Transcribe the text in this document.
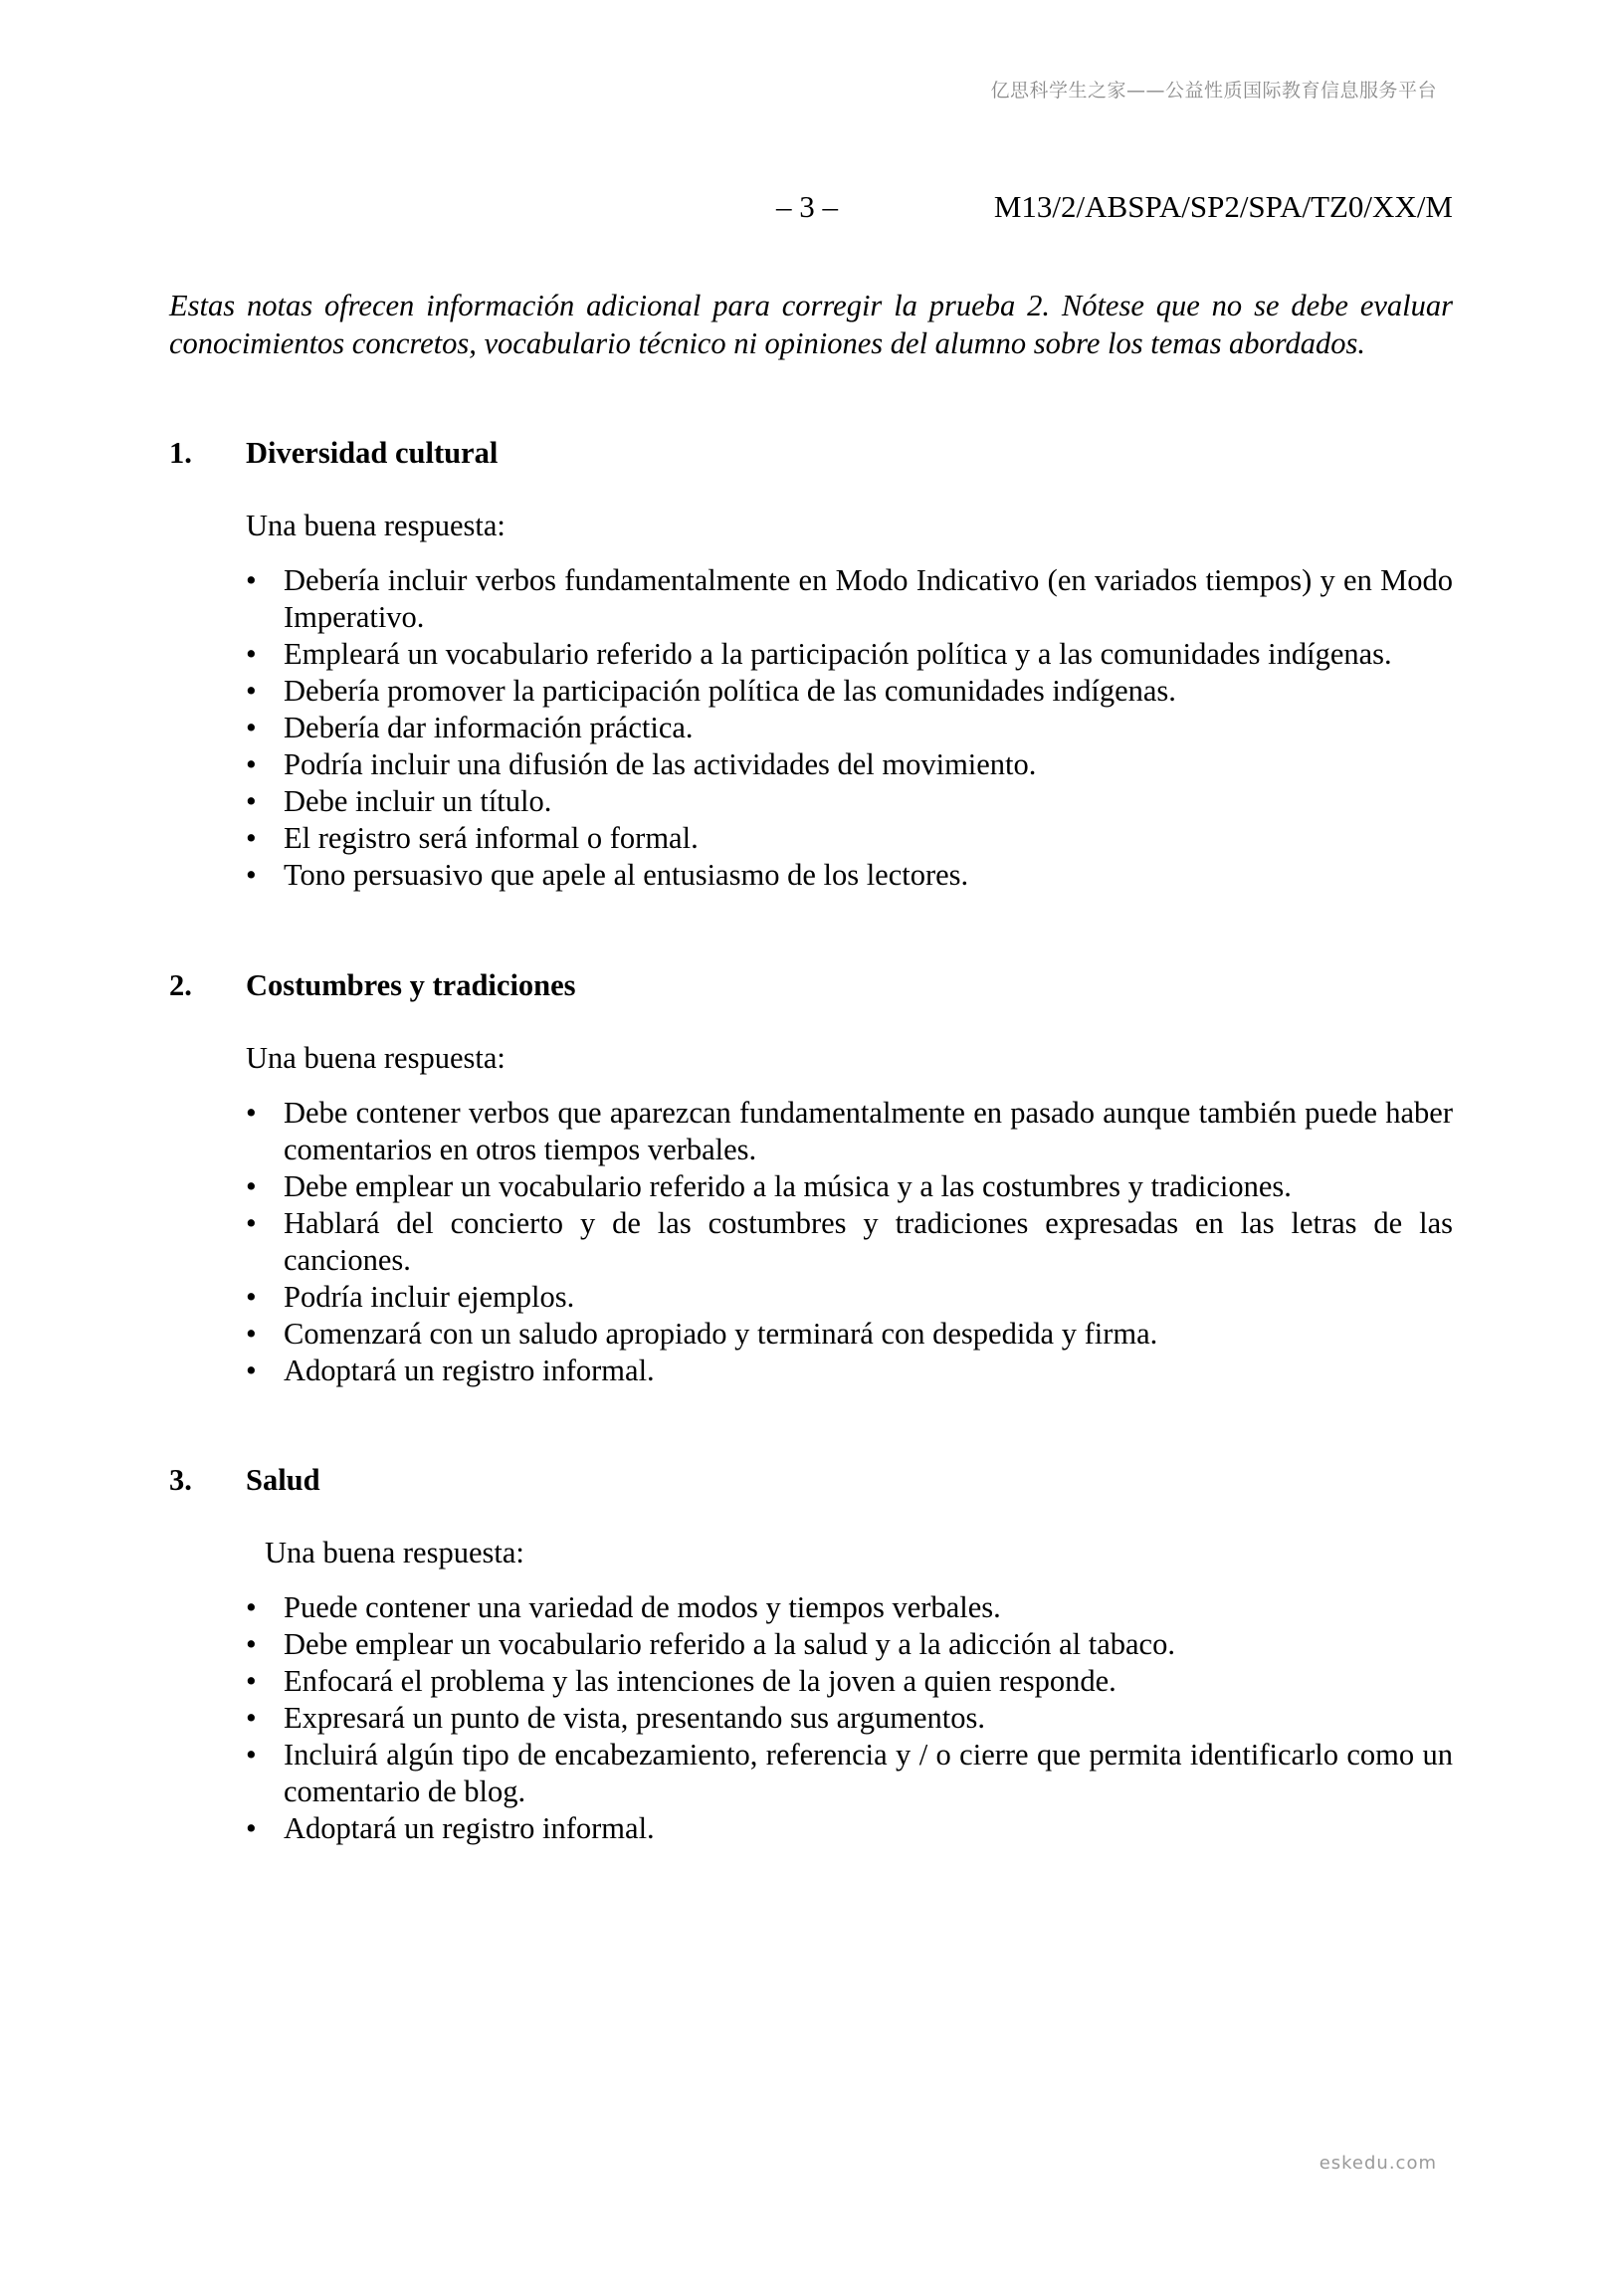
亿思科学生之家——公益性质国际教育信息服务平台
– 3 –	M13/2/ABSPA/SP2/SPA/TZ0/XX/M
Estas notas ofrecen información adicional para corregir la prueba 2. Nótese que no se debe evaluar conocimientos concretos, vocabulario técnico ni opiniones del alumno sobre los temas abordados.
1. Diversidad cultural
Una buena respuesta:
• Debería incluir verbos fundamentalmente en Modo Indicativo (en variados tiempos) y en Modo Imperativo.
• Empleará un vocabulario referido a la participación política y a las comunidades indígenas.
• Debería promover la participación política de las comunidades indígenas.
• Debería dar información práctica.
• Podría incluir una difusión de las actividades del movimiento.
• Debe incluir un título.
• El registro será informal o formal.
• Tono persuasivo que apele al entusiasmo de los lectores.
2. Costumbres y tradiciones
Una buena respuesta:
• Debe contener verbos que aparezcan fundamentalmente en pasado aunque también puede haber comentarios en otros tiempos verbales.
• Debe emplear un vocabulario referido a la música y a las costumbres y tradiciones.
• Hablará del concierto y de las costumbres y tradiciones expresadas en las letras de las canciones.
• Podría incluir ejemplos.
• Comenzará con un saludo apropiado y terminará con despedida y firma.
• Adoptará un registro informal.
3. Salud
Una buena respuesta:
• Puede contener una variedad de modos y tiempos verbales.
• Debe emplear un vocabulario referido a la salud y a la adicción al tabaco.
• Enfocará el problema y las intenciones de la joven a quien responde.
• Expresará un punto de vista, presentando sus argumentos.
• Incluirá algún tipo de encabezamiento, referencia y / o cierre que permita identificarlo como un comentario de blog.
• Adoptará un registro informal.
eskedu.com
